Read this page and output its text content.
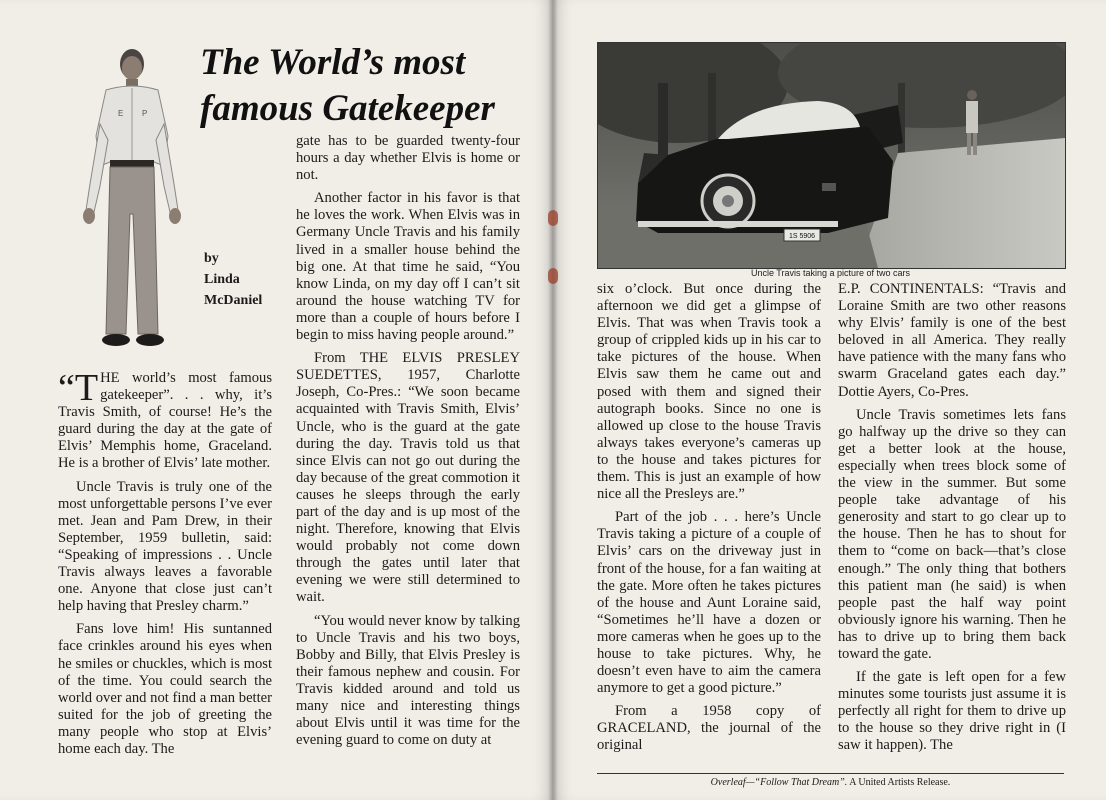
E P
The World’s most
famous Gatekeeper
by
Linda
McDaniel

“THE world’s most famous gatekeeper”. . . why, it’s Travis Smith, of course! He’s the guard during the day at the gate of Elvis’ Memphis home, Graceland. He is a brother of Elvis’ late mother.

Uncle Travis is truly one of the most unforgettable persons I’ve ever met. Jean and Pam Drew, in their September, 1959 bulletin, said: “Speaking of impressions . . Uncle Travis always leaves a favorable one. Anyone that close just can’t help having that Presley charm.”

Fans love him! His suntanned face crinkles around his eyes when he smiles or chuckles, which is most of the time. You could search the world over and not find a man better suited for the job of greeting the many people who stop at Elvis’ home each day. The

gate has to be guarded twenty-four hours a day whether Elvis is home or not.

Another factor in his favor is that he loves the work. When Elvis was in Germany Uncle Travis and his family lived in a smaller house behind the big one. At that time he said, “You know Linda, on my day off I can’t sit around the house watching TV for more than a couple of hours before I begin to miss having people around.”

From THE ELVIS PRESLEY SUEDETTES, 1957, Charlotte Joseph, Co-Pres.: “We soon became acquainted with Travis Smith, Elvis’ Uncle, who is the guard at the gate during the day. Travis told us that since Elvis can not go out during the day because of the great commotion it causes he sleeps through the early part of the day and is up most of the night. Therefore, knowing that Elvis would probably not come down through the gates until later that evening we were still determined to wait.

“You would never know by talking to Uncle Travis and his two boys, Bobby and Billy, that Elvis Presley is their famous nephew and cousin. For Travis kidded around and told us many nice and interesting things about Elvis until it was time for the evening guard to come on duty at

1S 5906
Uncle Travis taking a picture of two cars

six o’clock. But once during the afternoon we did get a glimpse of Elvis. That was when Travis took a group of crippled kids up in his car to take pictures of the house. When Elvis saw them he came out and posed with them and signed their autograph books. Since no one is allowed up close to the house Travis always takes everyone’s cameras up to the house and takes pictures for them. This is just an example of how nice all the Presleys are.”

Part of the job . . . here’s Uncle Travis taking a picture of a couple of Elvis’ cars on the driveway just in front of the house, for a fan waiting at the gate. More often he takes pictures of the house and Aunt Loraine said, “Sometimes he’ll have a dozen or more cameras when he goes up to the house to take pictures. Why, he doesn’t even have to aim the camera anymore to get a good picture.”

From a 1958 copy of GRACELAND, the journal of the original

E.P. CONTINENTALS: “Travis and Loraine Smith are two other reasons why Elvis’ family is one of the best beloved in all America. They really have patience with the many fans who swarm Graceland gates each day.” Dottie Ayers, Co-Pres.

Uncle Travis sometimes lets fans go halfway up the drive so they can get a better look at the house, especially when trees block some of the view in the summer. But some people take advantage of his generosity and start to go clear up to the house. Then he has to shout for them to “come on back—that’s close enough.” The only thing that bothers this patient man (he said) is when people past the half way point obviously ignore his warning. Then he has to drive up to bring them back toward the gate.

If the gate is left open for a few minutes some tourists just assume it is perfectly all right for them to drive up to the house so they drive right in (I saw it happen). The

Overleaf—“Follow That Dream”. A United Artists Release.
